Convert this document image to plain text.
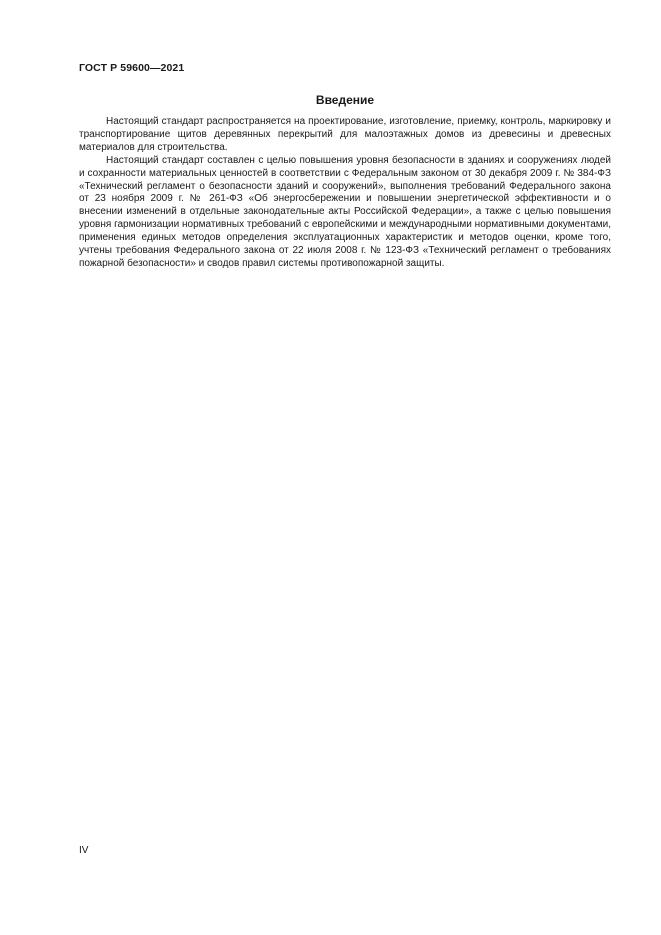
ГОСТ Р 59600—2021
Введение

Настоящий стандарт распространяется на проектирование, изготовление, приемку, контроль, маркировку и транспортирование щитов деревянных перекрытий для малоэтажных домов из древесины и древесных материалов для строительства.

Настоящий стандарт составлен с целью повышения уровня безопасности в зданиях и сооружениях людей и сохранности материальных ценностей в соответствии с Федеральным законом от 30 декабря 2009 г. № 384-ФЗ «Технический регламент о безопасности зданий и сооружений», выполнения требований Федерального закона от 23 ноября 2009 г. № 261-ФЗ «Об энергосбережении и повышении энергетической эффективности и о внесении изменений в отдельные законодательные акты Российской Федерации», а также с целью повышения уровня гармонизации нормативных требований с европейскими и международными нормативными документами, применения единых методов определения эксплуатационных характеристик и методов оценки, кроме того, учтены требования Федерального закона от 22 июля 2008 г. № 123-ФЗ «Технический регламент о требованиях пожарной безопасности» и сводов правил системы противопожарной защиты.

IV
